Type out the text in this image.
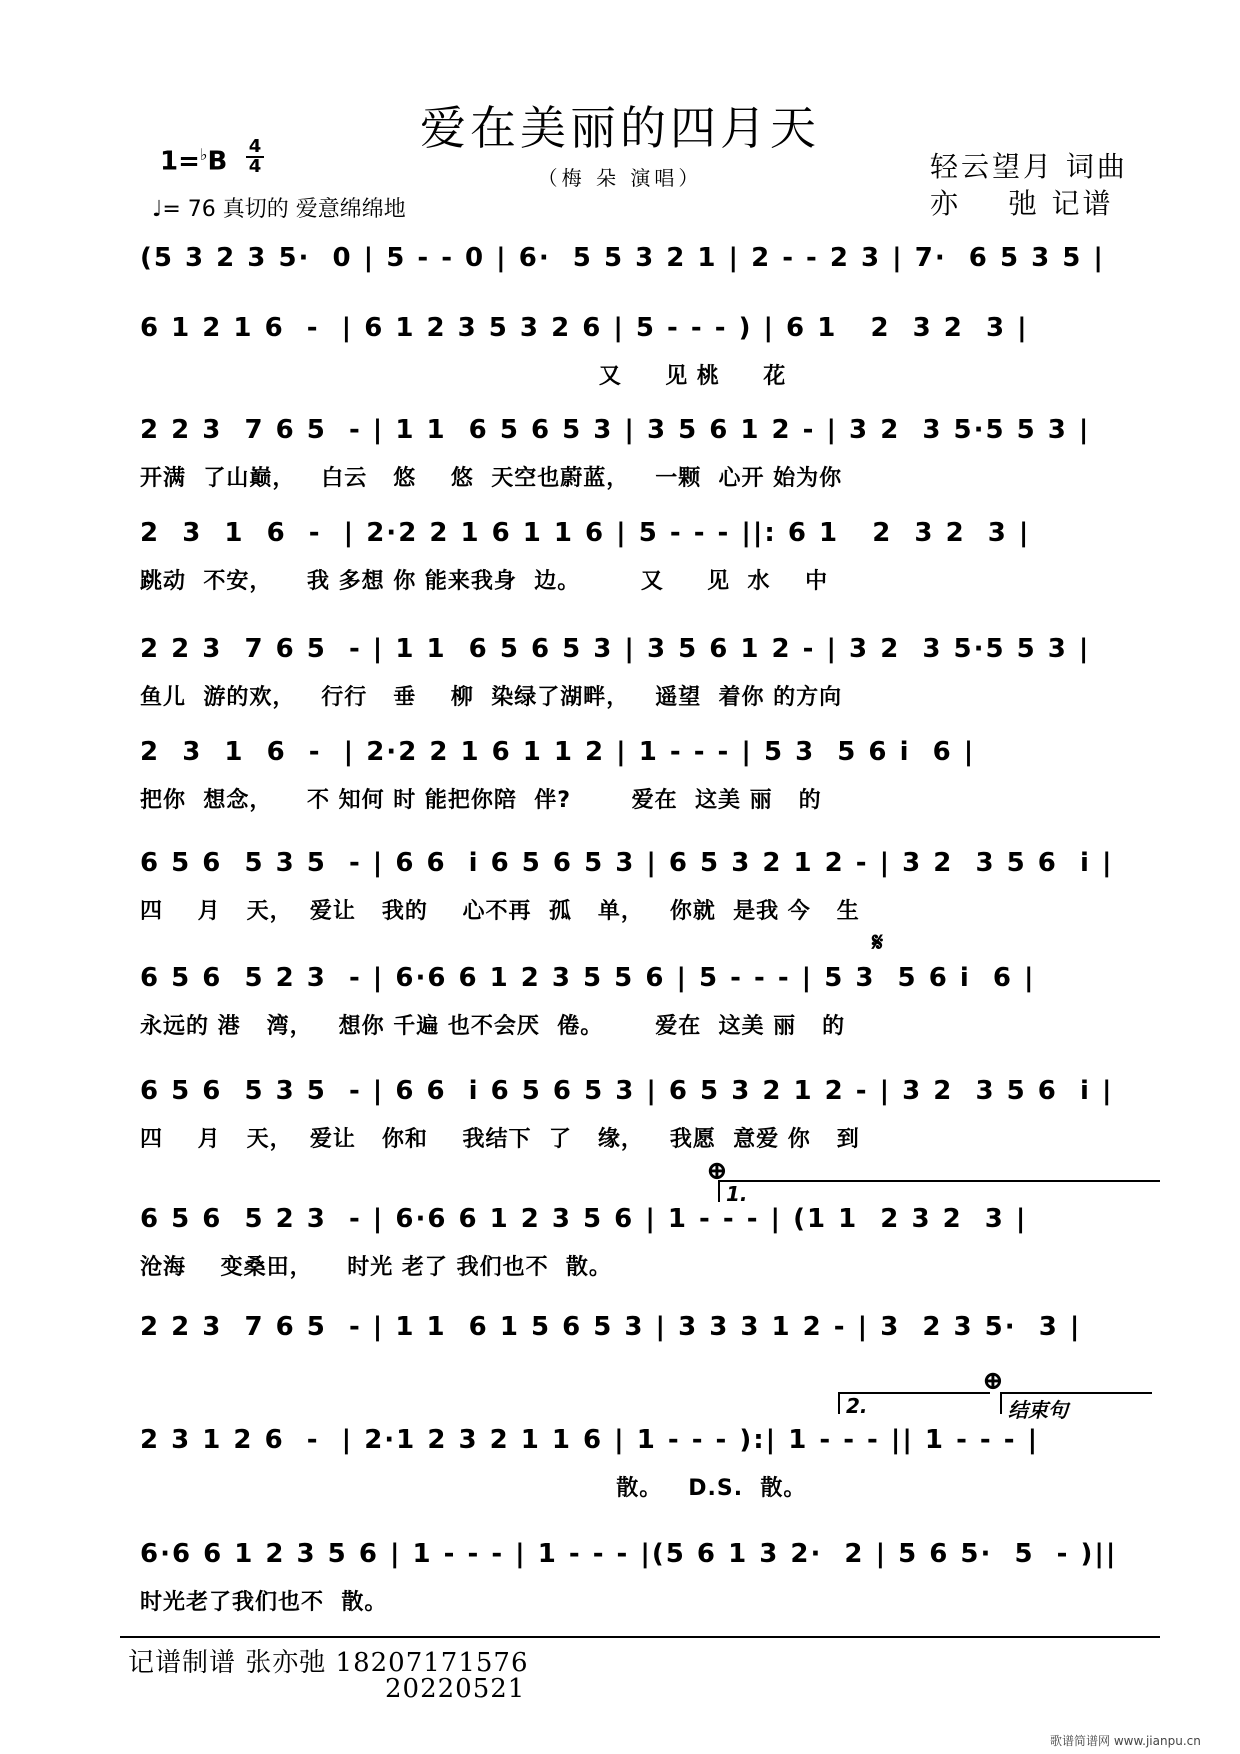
爱在美丽的四月天
（梅 朵 演唱）
1=♭B
4
4
♩= 76 真切的 爱意绵绵地
轻云望月 词曲
亦    弛 记谱
(5 3 2 3 5·  0 | 5 - - 0 | 6·  5 5 3 2 1 | 2 - - 2 3 | 7·  6 5 3 5 |
6 1 2 1 6  -  | 6 1 2 3 5 3 2 6 | 5 - - - ) | 6 1   2  3 2  3 |
又     见 桃     花
2 2 3  7 6 5  - | 1 1  6 5 6 5 3 | 3 5 6 1 2 - | 3 2  3 5·5 5 3 |
开满  了山巅，   白云   悠    悠  天空也蔚蓝，   一颗  心开 始为你
2  3  1  6  -  | 2·2 2 1 6 1 1 6 | 5 - - - ||: 6 1   2  3 2  3 |
跳动  不安，    我 多想 你 能来我身  边。       又     见  水    中
2 2 3  7 6 5  - | 1 1  6 5 6 5 3 | 3 5 6 1 2 - | 3 2  3 5·5 5 3 |
鱼儿  游的欢，   行行   垂    柳  染绿了湖畔，   遥望  着你 的方向
2  3  1  6  -  | 2·2 2 1 6 1 1 2 | 1 - - - | 5 3  5 6 i  6 |
把你  想念，    不 知何 时 能把你陪  伴?       爱在  这美 丽   的
6 5 6  5 3 5  - | 6 6  i 6 5 6 5 3 | 6 5 3 2 1 2 - | 3 2  3 5 6  i |
四    月   天，  爱让   我的    心不再  孤   单，   你就  是我 今   生
𝄋
6 5 6  5 2 3  - | 6·6 6 1 2 3 5 5 6 | 5 - - - | 5 3  5 6 i  6 |
永远的 港   湾，   想你 千遍 也不会厌  倦。      爱在  这美 丽   的
6 5 6  5 3 5  - | 6 6  i 6 5 6 5 3 | 6 5 3 2 1 2 - | 3 2  3 5 6  i |
四    月   天，  爱让   你和    我结下  了   缘，   我愿  意爱 你   到
⊕
1.
6 5 6  5 2 3  - | 6·6 6 1 2 3 5 6 | 1 - - - | (1 1  2 3 2  3 |
沧海    变桑田，    时光 老了 我们也不  散。
2 2 3  7 6 5  - | 1 1  6 1 5 6 5 3 | 3 3 3 1 2 - | 3  2 3 5·  3 |
2.
⊕
结束句
2 3 1 2 6  -  | 2·1 2 3 2 1 1 6 | 1 - - - ):| 1 - - - || 1 - - - |
散。   D.S.  散。
6·6 6 1 2 3 5 6 | 1 - - - | 1 - - - |(5 6 1 3 2·  2 | 5 6 5·  5  - )||
时光老了我们也不  散。
记谱制谱 张亦弛 18207171576
20220521
歌谱简谱网 www.jianpu.cn
